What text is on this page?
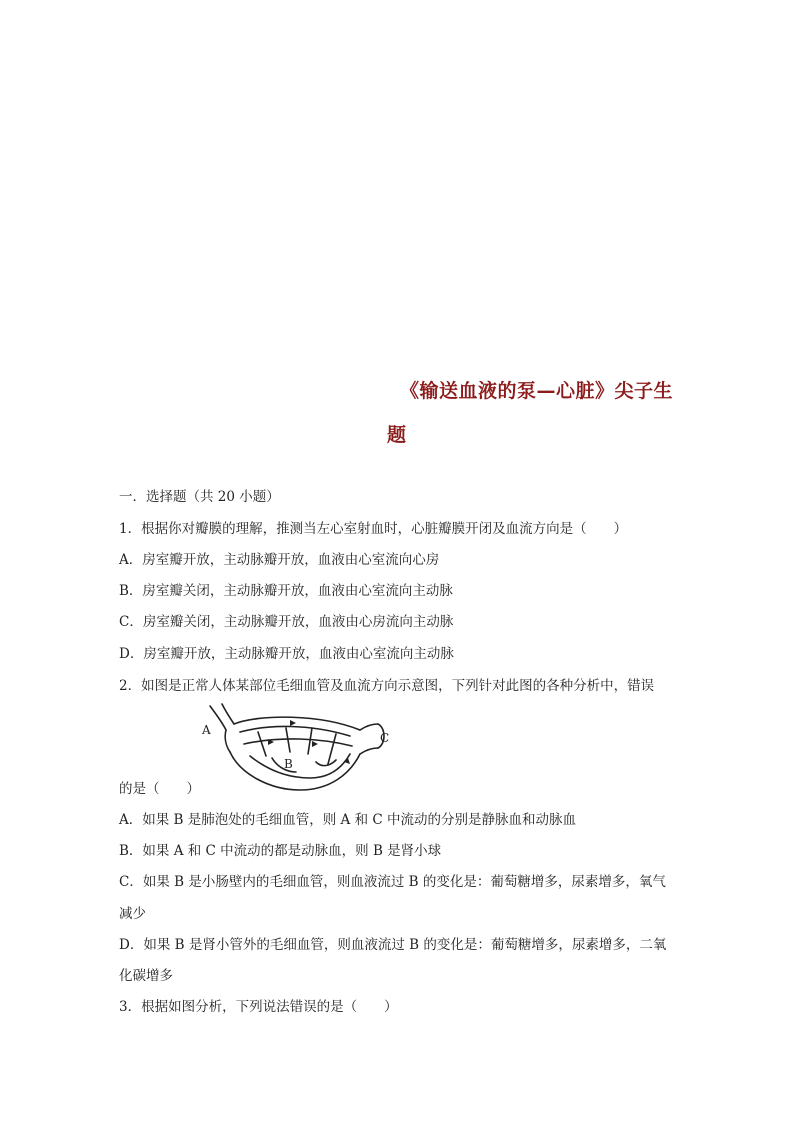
《输送血液的泵—心脏》尖子生
题
一．选择题（共 20 小题）
1．根据你对瓣膜的理解，推测当左心室射血时，心脏瓣膜开闭及血流方向是（　　）
A．房室瓣开放，主动脉瓣开放，血液由心室流向心房
B．房室瓣关闭，主动脉瓣开放，血液由心室流向主动脉
C．房室瓣关闭，主动脉瓣开放，血液由心房流向主动脉
D．房室瓣开放，主动脉瓣开放，血液由心室流向主动脉
2．如图是正常人体某部位毛细血管及血流方向示意图，下列针对此图的各种分析中，错误
A
B
C
的是（　　）
A．如果 B 是肺泡处的毛细血管，则 A 和 C 中流动的分别是静脉血和动脉血
B．如果 A 和 C 中流动的都是动脉血，则 B 是肾小球
C．如果 B 是小肠壁内的毛细血管，则血液流过 B 的变化是：葡萄糖增多，尿素增多，氧气
减少
D．如果 B 是肾小管外的毛细血管，则血液流过 B 的变化是：葡萄糖增多，尿素增多，二氧
化碳增多
3．根据如图分析，下列说法错误的是（　　）
